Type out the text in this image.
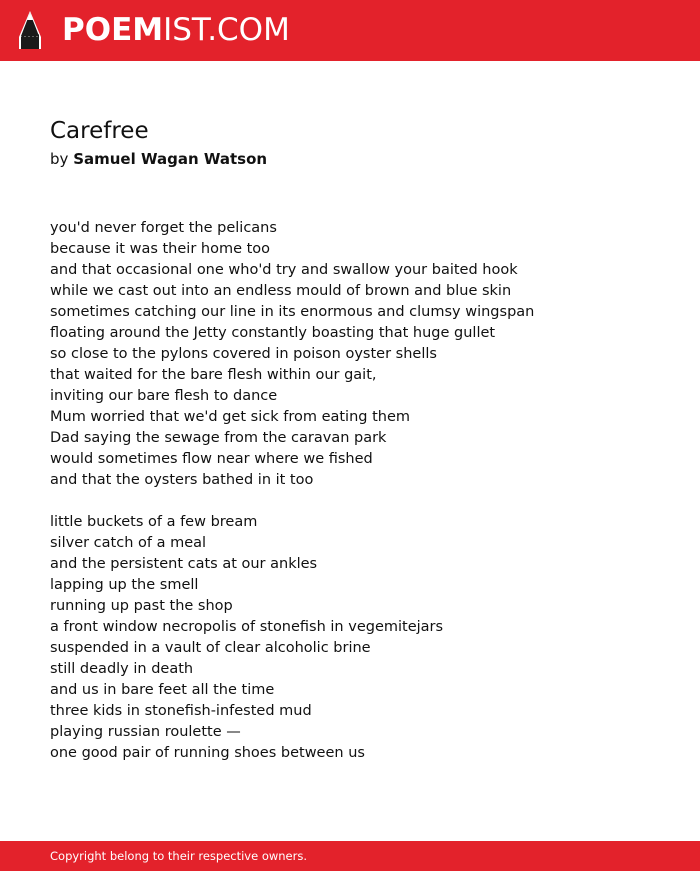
POEMIST.COM
Carefree
by Samuel Wagan Watson
you'd never forget the pelicans
because it was their home too
and that occasional one who'd try and swallow your baited hook
while we cast out into an endless mould of brown and blue skin
sometimes catching our line in its enormous and clumsy wingspan
floating around the Jetty constantly boasting that huge gullet
so close to the pylons covered in poison oyster shells
that waited for the bare flesh within our gait,
inviting our bare flesh to dance
Mum worried that we'd get sick from eating them
Dad saying the sewage from the caravan park
would sometimes flow near where we fished
and that the oysters bathed in it too
little buckets of a few bream
silver catch of a meal
and the persistent cats at our ankles
lapping up the smell
running up past the shop
a front window necropolis of stonefish in vegemitejars
suspended in a vault of clear alcoholic brine
still deadly in death
and us in bare feet all the time
three kids in stonefish-infested mud
playing russian roulette —
one good pair of running shoes between us
Copyright belong to their respective owners.
